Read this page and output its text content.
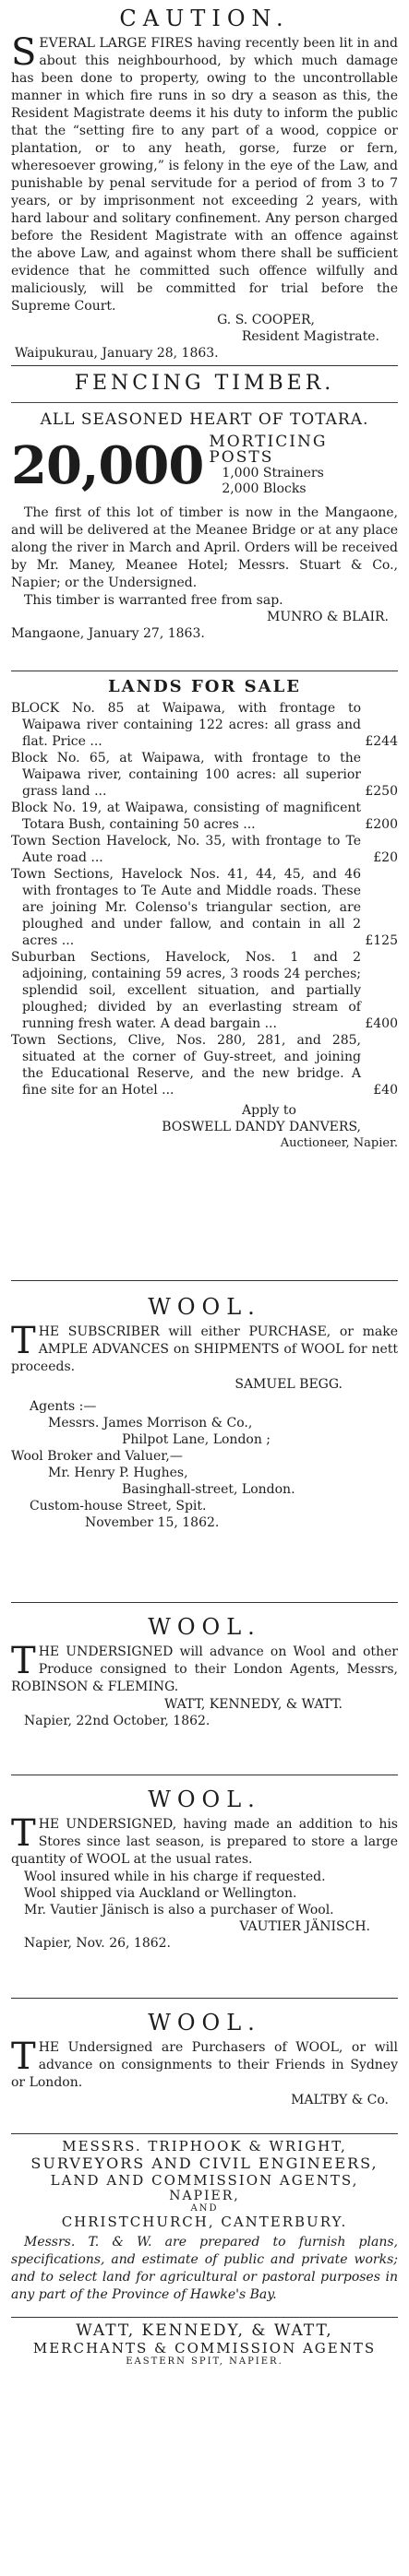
CAUTION.

SEVERAL LARGE FIRES having recently been lit in and about this neighbourhood, by which much damage has been done to property, owing to the uncontrollable manner in which fire runs in so dry a season as this, the Resident Magistrate deems it his duty to inform the public that the “setting fire to any part of a wood, coppice or plantation, or to any heath, gorse, furze or fern, wheresoever growing,” is felony in the eye of the Law, and punishable by penal servitude for a period of from 3 to 7 years, or by imprisonment not exceeding 2 years, with hard labour and solitary confinement. Any person charged before the Resident Magistrate with an offence against the above Law, and against whom there shall be sufficient evidence that he committed such offence wilfully and maliciously, will be committed for trial before the Supreme Court.

G. S. COOPER,

Resident Magistrate.

Waipukurau, January 28, 1863.

FENCING TIMBER.
ALL SEASONED HEART OF TOTARA.
20,000 MORTICING POSTS
1,000 Strainers
2,000 Blocks

The first of this lot of timber is now in the Mangaone, and will be delivered at the Meanee Bridge or at any place along the river in March and April. Orders will be received by Mr. Maney, Meanee Hotel; Messrs. Stuart & Co., Napier; or the Undersigned.

This timber is warranted free from sap.

MUNRO & BLAIR.

Mangaone, January 27, 1863.

LANDS FOR SALE
BLOCK No. 85 at Waipawa, with frontage to Waipawa river containing 122 acres: all grass and flat. Price ...	£244
Block No. 65, at Waipawa, with frontage to the Waipawa river, containing 100 acres: all superior grass land ...	£250
Block No. 19, at Waipawa, consisting of magnificent Totara Bush, containing 50 acres ...	£200
Town Section Havelock, No. 35, with frontage to Te Aute road ...	£20
Town Sections, Havelock Nos. 41, 44, 45, and 46 with frontages to Te Aute and Middle roads. These are joining Mr. Colenso's triangular section, are ploughed and under fallow, and contain in all 2 acres ...	£125
Suburban Sections, Havelock, Nos. 1 and 2 adjoining, containing 59 acres, 3 roods 24 perches; splendid soil, excellent situation, and partially ploughed; divided by an everlasting stream of running fresh water. A dead bargain ...	£400
Town Sections, Clive, Nos. 280, 281, and 285, situated at the corner of Guy-street, and joining the Educational Reserve, and the new bridge. A fine site for an Hotel ...	£40

Apply to

BOSWELL DANDY DANVERS,

Auctioneer, Napier.

WOOL.

THE SUBSCRIBER will either PURCHASE, or make AMPLE ADVANCES on SHIPMENTS of WOOL for nett proceeds.

SAMUEL BEGG.

Agents :—

Messrs. James Morrison & Co.,

Philpot Lane, London ;

Wool Broker and Valuer,—

Mr. Henry P. Hughes,

Basinghall-street, London.

Custom-house Street, Spit.

November 15, 1862.

WOOL.

THE UNDERSIGNED will advance on Wool and other Produce consigned to their London Agents, Messrs, ROBINSON & FLEMING.

WATT, KENNEDY, & WATT.

Napier, 22nd October, 1862.

WOOL.

THE UNDERSIGNED, having made an addition to his Stores since last season, is prepared to store a large quantity of WOOL at the usual rates.

Wool insured while in his charge if requested.

Wool shipped via Auckland or Wellington.

Mr. Vautier Jänisch is also a purchaser of Wool.

VAUTIER JÄNISCH.

Napier, Nov. 26, 1862.

WOOL.

THE Undersigned are Purchasers of WOOL, or will advance on consignments to their Friends in Sydney or London.

MALTBY & Co.

MESSRS. TRIPHOOK & WRIGHT,

SURVEYORS AND CIVIL ENGINEERS,

LAND AND COMMISSION AGENTS,

NAPIER,

AND

CHRISTCHURCH, CANTERBURY.

Messrs. T. & W. are prepared to furnish plans, specifications, and estimate of public and private works; and to select land for agricultural or pastoral purposes in any part of the Province of Hawke's Bay.

WATT, KENNEDY, & WATT,

MERCHANTS & COMMISSION AGENTS

EASTERN SPIT, NAPIER.
